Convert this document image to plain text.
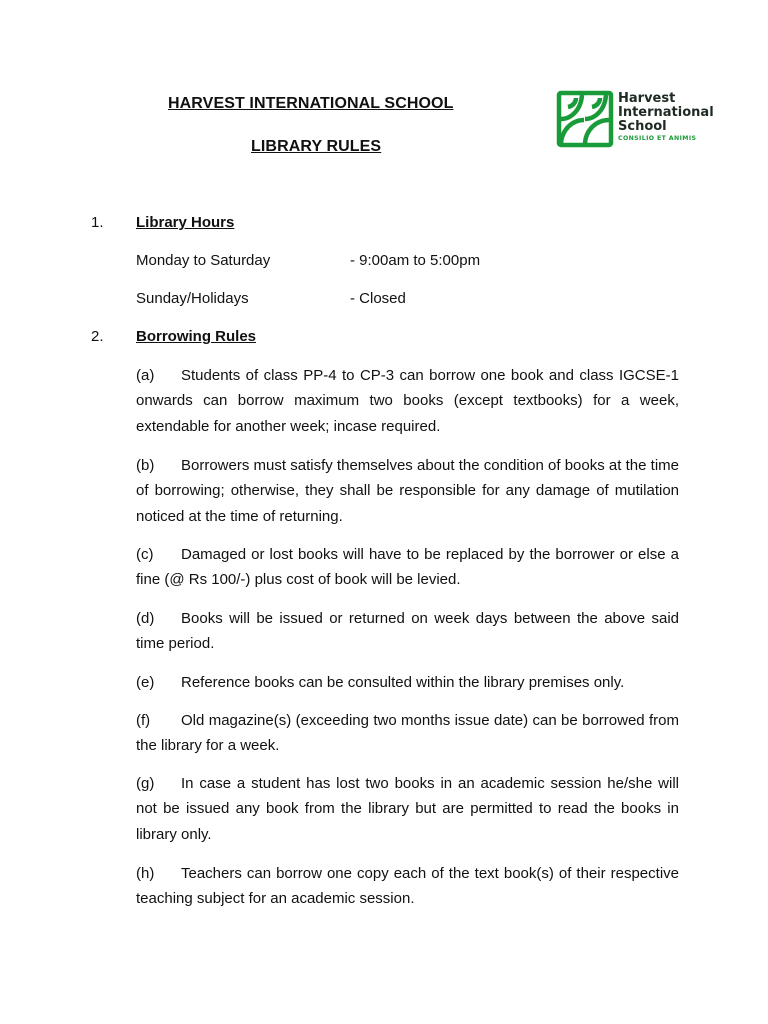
HARVEST INTERNATIONAL SCHOOL
LIBRARY RULES
Harvest
International
School
CONSILIO ET ANIMIS
1. Library Hours
Monday to Saturday	- 9:00am to 5:00pm
Sunday/Holidays	- Closed
2. Borrowing Rules
(a) Students of class PP-4 to CP-3 can borrow one book and class IGCSE-1 onwards can borrow maximum two books (except textbooks) for a week, extendable for another week; incase required.
(b) Borrowers must satisfy themselves about the condition of books at the time of borrowing; otherwise, they shall be responsible for any damage of mutilation noticed at the time of returning.
(c) Damaged or lost books will have to be replaced by the borrower or else a fine (@ Rs 100/-) plus cost of book will be levied.
(d) Books will be issued or returned on week days between the above said time period.
(e) Reference books can be consulted within the library premises only.
(f) Old magazine(s) (exceeding two months issue date) can be borrowed from the library for a week.
(g) In case a student has lost two books in an academic session he/she will not be issued any book from the library but are permitted to read the books in library only.
(h) Teachers can borrow one copy each of the text book(s) of their respective teaching subject for an academic session.
